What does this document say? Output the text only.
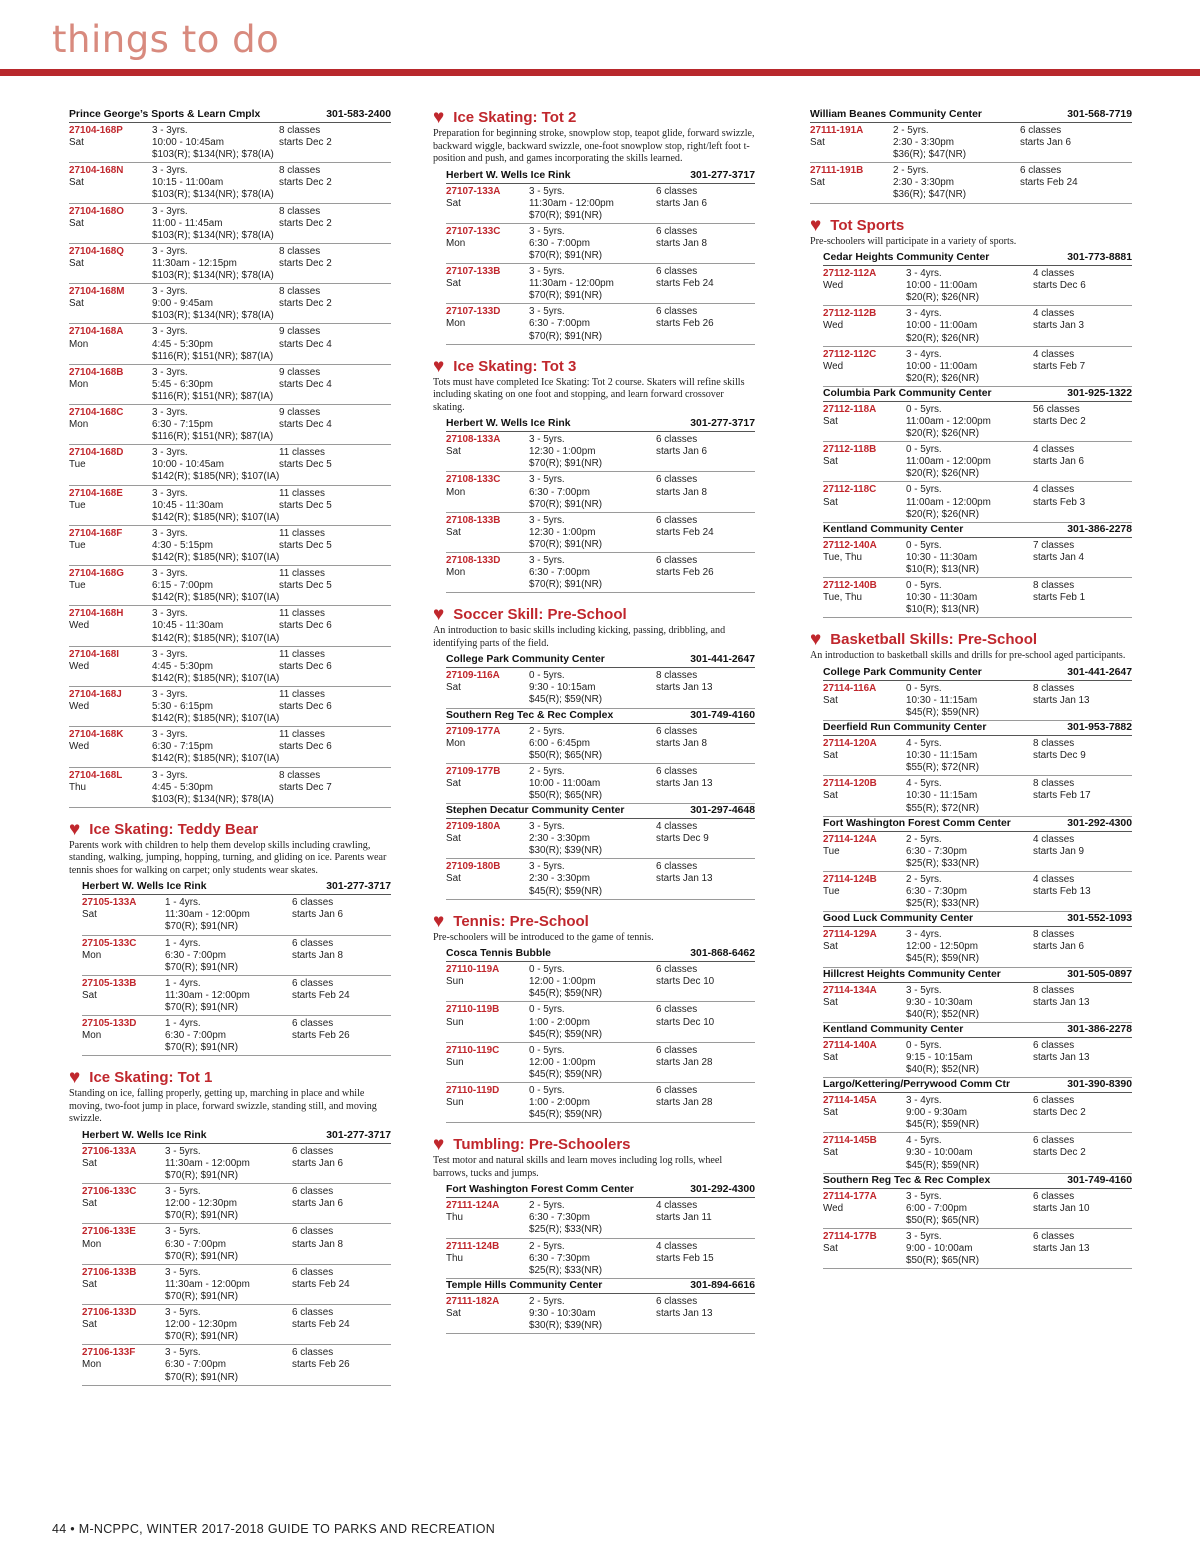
things to do
Prince George’s Sports & Learn Cmplx	301-583-2400
27104-168P	3 - 3yrs.	8 classes
Sat	10:00 - 10:45am	starts Dec 2
$103(R); $134(NR); $78(IA)
27104-168N	3 - 3yrs.	8 classes
Sat	10:15 - 11:00am	starts Dec 2
$103(R); $134(NR); $78(IA)
27104-168O	3 - 3yrs.	8 classes
Sat	11:00 - 11:45am	starts Dec 2
$103(R); $134(NR); $78(IA)
27104-168Q	3 - 3yrs.	8 classes
Sat	11:30am - 12:15pm	starts Dec 2
$103(R); $134(NR); $78(IA)
27104-168M	3 - 3yrs.	8 classes
Sat	9:00 - 9:45am	starts Dec 2
$103(R); $134(NR); $78(IA)
27104-168A	3 - 3yrs.	9 classes
Mon	4:45 - 5:30pm	starts Dec 4
$116(R); $151(NR); $87(IA)
27104-168B	3 - 3yrs.	9 classes
Mon	5:45 - 6:30pm	starts Dec 4
$116(R); $151(NR); $87(IA)
27104-168C	3 - 3yrs.	9 classes
Mon	6:30 - 7:15pm	starts Dec 4
$116(R); $151(NR); $87(IA)
27104-168D	3 - 3yrs.	11 classes
Tue	10:00 - 10:45am	starts Dec 5
$142(R); $185(NR); $107(IA)
27104-168E	3 - 3yrs.	11 classes
Tue	10:45 - 11:30am	starts Dec 5
$142(R); $185(NR); $107(IA)
27104-168F	3 - 3yrs.	11 classes
Tue	4:30 - 5:15pm	starts Dec 5
$142(R); $185(NR); $107(IA)
27104-168G	3 - 3yrs.	11 classes
Tue	6:15 - 7:00pm	starts Dec 5
$142(R); $185(NR); $107(IA)
27104-168H	3 - 3yrs.	11 classes
Wed	10:45 - 11:30am	starts Dec 6
$142(R); $185(NR); $107(IA)
27104-168I	3 - 3yrs.	11 classes
Wed	4:45 - 5:30pm	starts Dec 6
$142(R); $185(NR); $107(IA)
27104-168J	3 - 3yrs.	11 classes
Wed	5:30 - 6:15pm	starts Dec 6
$142(R); $185(NR); $107(IA)
27104-168K	3 - 3yrs.	11 classes
Wed	6:30 - 7:15pm	starts Dec 6
$142(R); $185(NR); $107(IA)
27104-168L	3 - 3yrs.	8 classes
Thu	4:45 - 5:30pm	starts Dec 7
$103(R); $134(NR); $78(IA)
♥ Ice Skating: Teddy Bear

Parents work with children to help them develop skills including crawling, standing, walking, jumping, hopping, turning, and gliding on ice. Parents wear tennis shoes for walking on carpet; only students wear skates.

Herbert W. Wells Ice Rink	301-277-3717
27105-133A	1 - 4yrs.	6 classes
Sat	11:30am - 12:00pm	starts Jan 6
$70(R); $91(NR)
27105-133C	1 - 4yrs.	6 classes
Mon	6:30 - 7:00pm	starts Jan 8
$70(R); $91(NR)
27105-133B	1 - 4yrs.	6 classes
Sat	11:30am - 12:00pm	starts Feb 24
$70(R); $91(NR)
27105-133D	1 - 4yrs.	6 classes
Mon	6:30 - 7:00pm	starts Feb 26
$70(R); $91(NR)
♥ Ice Skating: Tot 1

Standing on ice, falling properly, getting up, marching in place and while moving, two-foot jump in place, forward swizzle, standing still, and moving swizzle.

Herbert W. Wells Ice Rink	301-277-3717
27106-133A	3 - 5yrs.	6 classes
Sat	11:30am - 12:00pm	starts Jan 6
$70(R); $91(NR)
27106-133C	3 - 5yrs.	6 classes
Sat	12:00 - 12:30pm	starts Jan 6
$70(R); $91(NR)
27106-133E	3 - 5yrs.	6 classes
Mon	6:30 - 7:00pm	starts Jan 8
$70(R); $91(NR)
27106-133B	3 - 5yrs.	6 classes
Sat	11:30am - 12:00pm	starts Feb 24
$70(R); $91(NR)
27106-133D	3 - 5yrs.	6 classes
Sat	12:00 - 12:30pm	starts Feb 24
$70(R); $91(NR)
27106-133F	3 - 5yrs.	6 classes
Mon	6:30 - 7:00pm	starts Feb 26
$70(R); $91(NR)
♥ Ice Skating: Tot 2

Preparation for beginning stroke, snowplow stop, teapot glide, forward swizzle, backward wiggle, backward swizzle, one-foot snowplow stop, right/left foot t-position and push, and games incorporating the skills learned.

Herbert W. Wells Ice Rink	301-277-3717
27107-133A	3 - 5yrs.	6 classes
Sat	11:30am - 12:00pm	starts Jan 6
$70(R); $91(NR)
27107-133C	3 - 5yrs.	6 classes
Mon	6:30 - 7:00pm	starts Jan 8
$70(R); $91(NR)
27107-133B	3 - 5yrs.	6 classes
Sat	11:30am - 12:00pm	starts Feb 24
$70(R); $91(NR)
27107-133D	3 - 5yrs.	6 classes
Mon	6:30 - 7:00pm	starts Feb 26
$70(R); $91(NR)
♥ Ice Skating: Tot 3

Tots must have completed Ice Skating: Tot 2 course. Skaters will refine skills including skating on one foot and stopping, and learn forward crossover skating.

Herbert W. Wells Ice Rink	301-277-3717
27108-133A	3 - 5yrs.	6 classes
Sat	12:30 - 1:00pm	starts Jan 6
$70(R); $91(NR)
27108-133C	3 - 5yrs.	6 classes
Mon	6:30 - 7:00pm	starts Jan 8
$70(R); $91(NR)
27108-133B	3 - 5yrs.	6 classes
Sat	12:30 - 1:00pm	starts Feb 24
$70(R); $91(NR)
27108-133D	3 - 5yrs.	6 classes
Mon	6:30 - 7:00pm	starts Feb 26
$70(R); $91(NR)
♥ Soccer Skill: Pre-School

An introduction to basic skills including kicking, passing, dribbling, and identifying parts of the field.

College Park Community Center	301-441-2647
27109-116A	0 - 5yrs.	8 classes
Sat	9:30 - 10:15am	starts Jan 13
$45(R); $59(NR)
Southern Reg Tec & Rec Complex	301-749-4160
27109-177A	2 - 5yrs.	6 classes
Mon	6:00 - 6:45pm	starts Jan 8
$50(R); $65(NR)
27109-177B	2 - 5yrs.	6 classes
Sat	10:00 - 11:00am	starts Jan 13
$50(R); $65(NR)
Stephen Decatur Community Center	301-297-4648
27109-180A	3 - 5yrs.	4 classes
Sat	2:30 - 3:30pm	starts Dec 9
$30(R); $39(NR)
27109-180B	3 - 5yrs.	6 classes
Sat	2:30 - 3:30pm	starts Jan 13
$45(R); $59(NR)
♥ Tennis: Pre-School

Pre-schoolers will be introduced to the game of tennis.

Cosca Tennis Bubble	301-868-6462
27110-119A	0 - 5yrs.	6 classes
Sun	12:00 - 1:00pm	starts Dec 10
$45(R); $59(NR)
27110-119B	0 - 5yrs.	6 classes
Sun	1:00 - 2:00pm	starts Dec 10
$45(R); $59(NR)
27110-119C	0 - 5yrs.	6 classes
Sun	12:00 - 1:00pm	starts Jan 28
$45(R); $59(NR)
27110-119D	0 - 5yrs.	6 classes
Sun	1:00 - 2:00pm	starts Jan 28
$45(R); $59(NR)
♥ Tumbling: Pre-Schoolers

Test motor and natural skills and learn moves including log rolls, wheel barrows, tucks and jumps.

Fort Washington Forest Comm Center	301-292-4300
27111-124A	2 - 5yrs.	4 classes
Thu	6:30 - 7:30pm	starts Jan 11
$25(R); $33(NR)
27111-124B	2 - 5yrs.	4 classes
Thu	6:30 - 7:30pm	starts Feb 15
$25(R); $33(NR)
Temple Hills Community Center	301-894-6616
27111-182A	2 - 5yrs.	6 classes
Sat	9:30 - 10:30am	starts Jan 13
$30(R); $39(NR)
William Beanes Community Center	301-568-7719
27111-191A	2 - 5yrs.	6 classes
Sat	2:30 - 3:30pm	starts Jan 6
$36(R); $47(NR)
27111-191B	2 - 5yrs.	6 classes
Sat	2:30 - 3:30pm	starts Feb 24
$36(R); $47(NR)
♥ Tot Sports

Pre-schoolers will participate in a variety of sports.

Cedar Heights Community Center	301-773-8881
27112-112A	3 - 4yrs.	4 classes
Wed	10:00 - 11:00am	starts Dec 6
$20(R); $26(NR)
27112-112B	3 - 4yrs.	4 classes
Wed	10:00 - 11:00am	starts Jan 3
$20(R); $26(NR)
27112-112C	3 - 4yrs.	4 classes
Wed	10:00 - 11:00am	starts Feb 7
$20(R); $26(NR)
Columbia Park Community Center	301-925-1322
27112-118A	0 - 5yrs.	56 classes
Sat	11:00am - 12:00pm	starts Dec 2
$20(R); $26(NR)
27112-118B	0 - 5yrs.	4 classes
Sat	11:00am - 12:00pm	starts Jan 6
$20(R); $26(NR)
27112-118C	0 - 5yrs.	4 classes
Sat	11:00am - 12:00pm	starts Feb 3
$20(R); $26(NR)
Kentland Community Center	301-386-2278
27112-140A	0 - 5yrs.	7 classes
Tue, Thu	10:30 - 11:30am	starts Jan 4
$10(R); $13(NR)
27112-140B	0 - 5yrs.	8 classes
Tue, Thu	10:30 - 11:30am	starts Feb 1
$10(R); $13(NR)
♥ Basketball Skills: Pre-School

An introduction to basketball skills and drills for pre-school aged participants.

College Park Community Center	301-441-2647
27114-116A	0 - 5yrs.	8 classes
Sat	10:30 - 11:15am	starts Jan 13
$45(R); $59(NR)
Deerfield Run Community Center	301-953-7882
27114-120A	4 - 5yrs.	8 classes
Sat	10:30 - 11:15am	starts Dec 9
$55(R); $72(NR)
27114-120B	4 - 5yrs.	8 classes
Sat	10:30 - 11:15am	starts Feb 17
$55(R); $72(NR)
Fort Washington Forest Comm Center	301-292-4300
27114-124A	2 - 5yrs.	4 classes
Tue	6:30 - 7:30pm	starts Jan 9
$25(R); $33(NR)
27114-124B	2 - 5yrs.	4 classes
Tue	6:30 - 7:30pm	starts Feb 13
$25(R); $33(NR)
Good Luck Community Center	301-552-1093
27114-129A	3 - 4yrs.	8 classes
Sat	12:00 - 12:50pm	starts Jan 6
$45(R); $59(NR)
Hillcrest Heights Community Center	301-505-0897
27114-134A	3 - 5yrs.	8 classes
Sat	9:30 - 10:30am	starts Jan 13
$40(R); $52(NR)
Kentland Community Center	301-386-2278
27114-140A	0 - 5yrs.	6 classes
Sat	9:15 - 10:15am	starts Jan 13
$40(R); $52(NR)
Largo/Kettering/Perrywood Comm Ctr	301-390-8390
27114-145A	3 - 4yrs.	6 classes
Sat	9:00 - 9:30am	starts Dec 2
$45(R); $59(NR)
27114-145B	4 - 5yrs.	6 classes
Sat	9:30 - 10:00am	starts Dec 2
$45(R); $59(NR)
Southern Reg Tec & Rec Complex	301-749-4160
27114-177A	3 - 5yrs.	6 classes
Wed	6:00 - 7:00pm	starts Jan 10
$50(R); $65(NR)
27114-177B	3 - 5yrs.	6 classes
Sat	9:00 - 10:00am	starts Jan 13
$50(R); $65(NR)
44 • M-NCPPC, WINTER 2017-2018 GUIDE TO PARKS AND RECREATION
